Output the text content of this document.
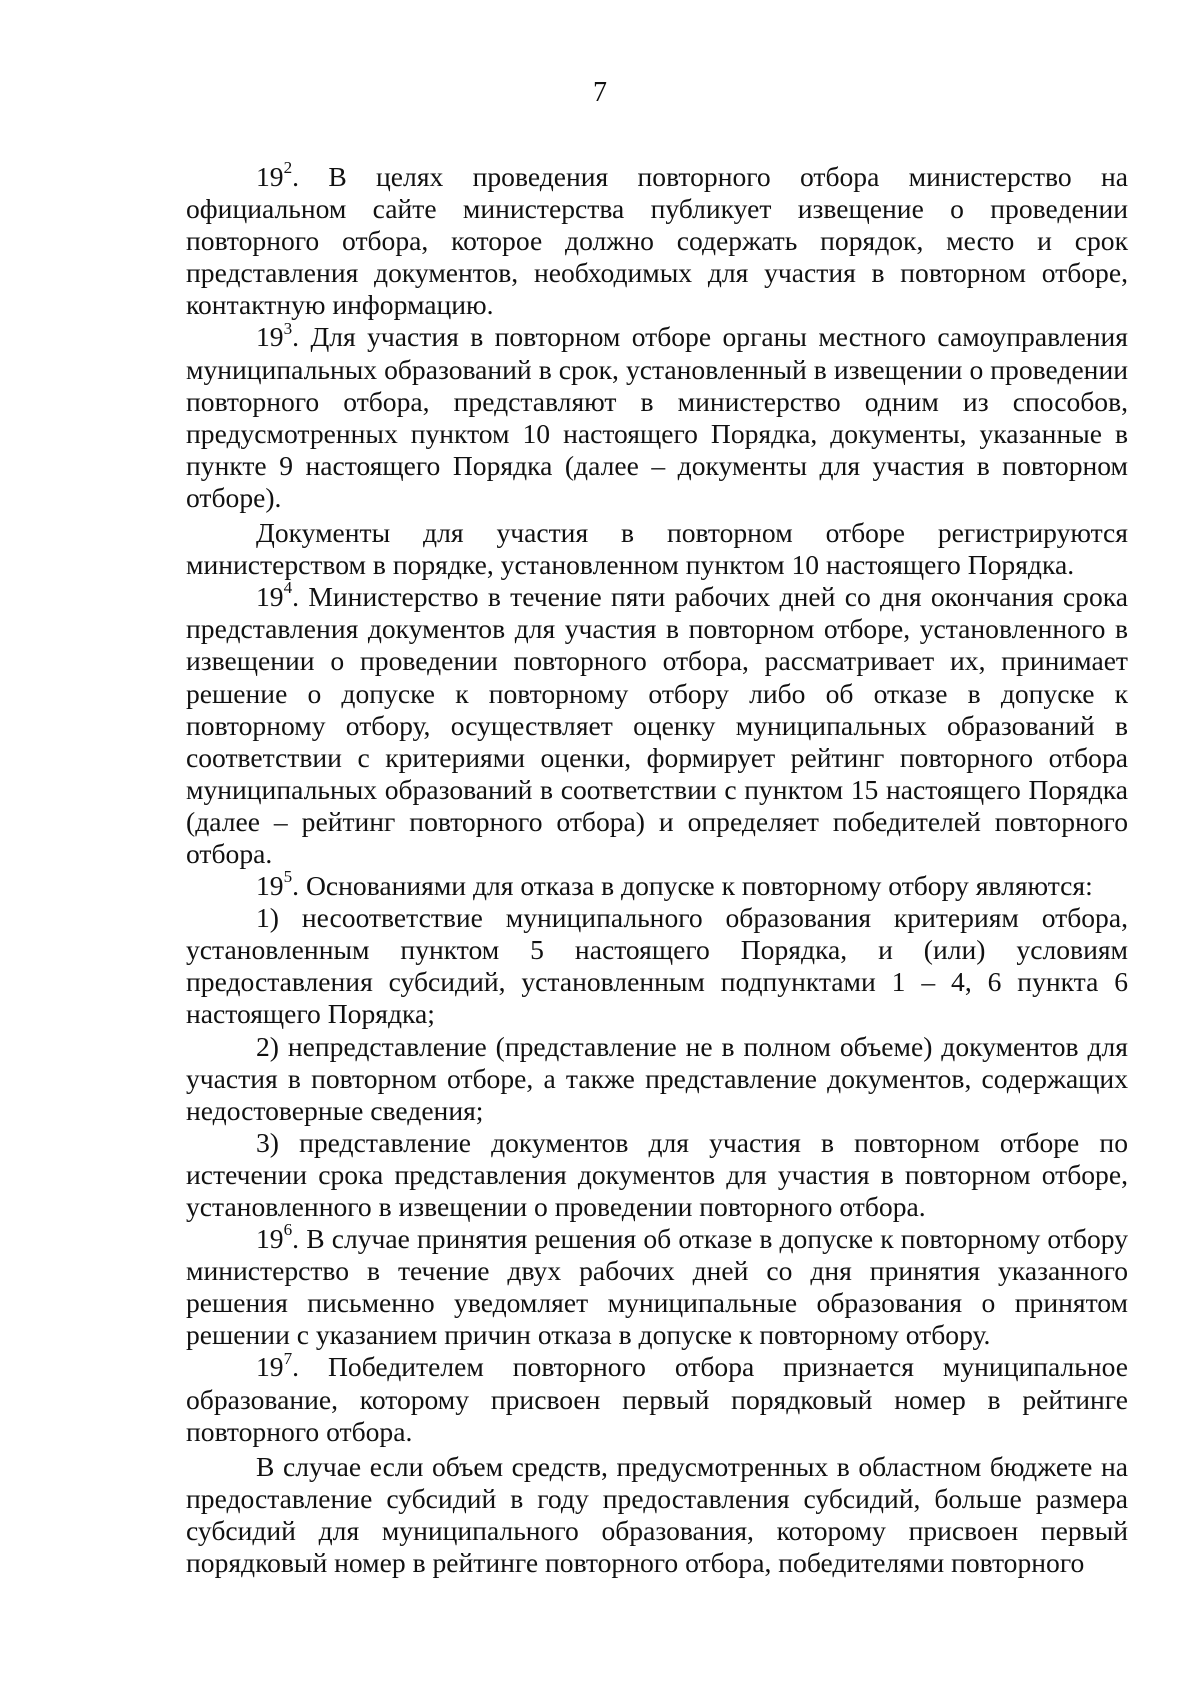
7

$19^2$. В целях проведения повторного отбора министерство на официальном сайте министерства публикует извещение о проведении повторного отбора, которое должно содержать порядок, место и срок представления документов, необходимых для участия в повторном отборе, контактную информацию.

$19^3$. Для участия в повторном отборе органы местного самоуправления муниципальных образований в срок, установленный в извещении о проведении повторного отбора, представляют в министерство одним из способов, предусмотренных пунктом 10 настоящего Порядка, документы, указанные в пункте 9 настоящего Порядка (далее – документы для участия в повторном отборе).

Документы для участия в повторном отборе регистрируются министерством в порядке, установленном пунктом 10 настоящего Порядка.

$19^4$. Министерство в течение пяти рабочих дней со дня окончания срока представления документов для участия в повторном отборе, установленного в извещении о проведении повторного отбора, рассматривает их, принимает решение о допуске к повторному отбору либо об отказе в допуске к повторному отбору, осуществляет оценку муниципальных образований в соответствии с критериями оценки, формирует рейтинг повторного отбора муниципальных образований в соответствии с пунктом 15 настоящего Порядка (далее – рейтинг повторного отбора) и определяет победителей повторного отбора.

$19^5$. Основаниями для отказа в допуске к повторному отбору являются:

1) несоответствие муниципального образования критериям отбора, установленным пунктом 5 настоящего Порядка, и (или) условиям предоставления субсидий, установленным подпунктами 1 – 4, 6 пункта 6 настоящего Порядка;

2) непредставление (представление не в полном объеме) документов для участия в повторном отборе, а также представление документов, содержащих недостоверные сведения;

3) представление документов для участия в повторном отборе по истечении срока представления документов для участия в повторном отборе, установленного в извещении о проведении повторного отбора.

$19^6$. В случае принятия решения об отказе в допуске к повторному отбору министерство в течение двух рабочих дней со дня принятия указанного решения письменно уведомляет муниципальные образования о принятом решении с указанием причин отказа в допуске к повторному отбору.

$19^7$. Победителем повторного отбора признается муниципальное образование, которому присвоен первый порядковый номер в рейтинге повторного отбора.

В случае если объем средств, предусмотренных в областном бюджете на предоставление субсидий в году предоставления субсидий, больше размера субсидий для муниципального образования, которому присвоен первый порядковый номер в рейтинге повторного отбора, победителями повторного
